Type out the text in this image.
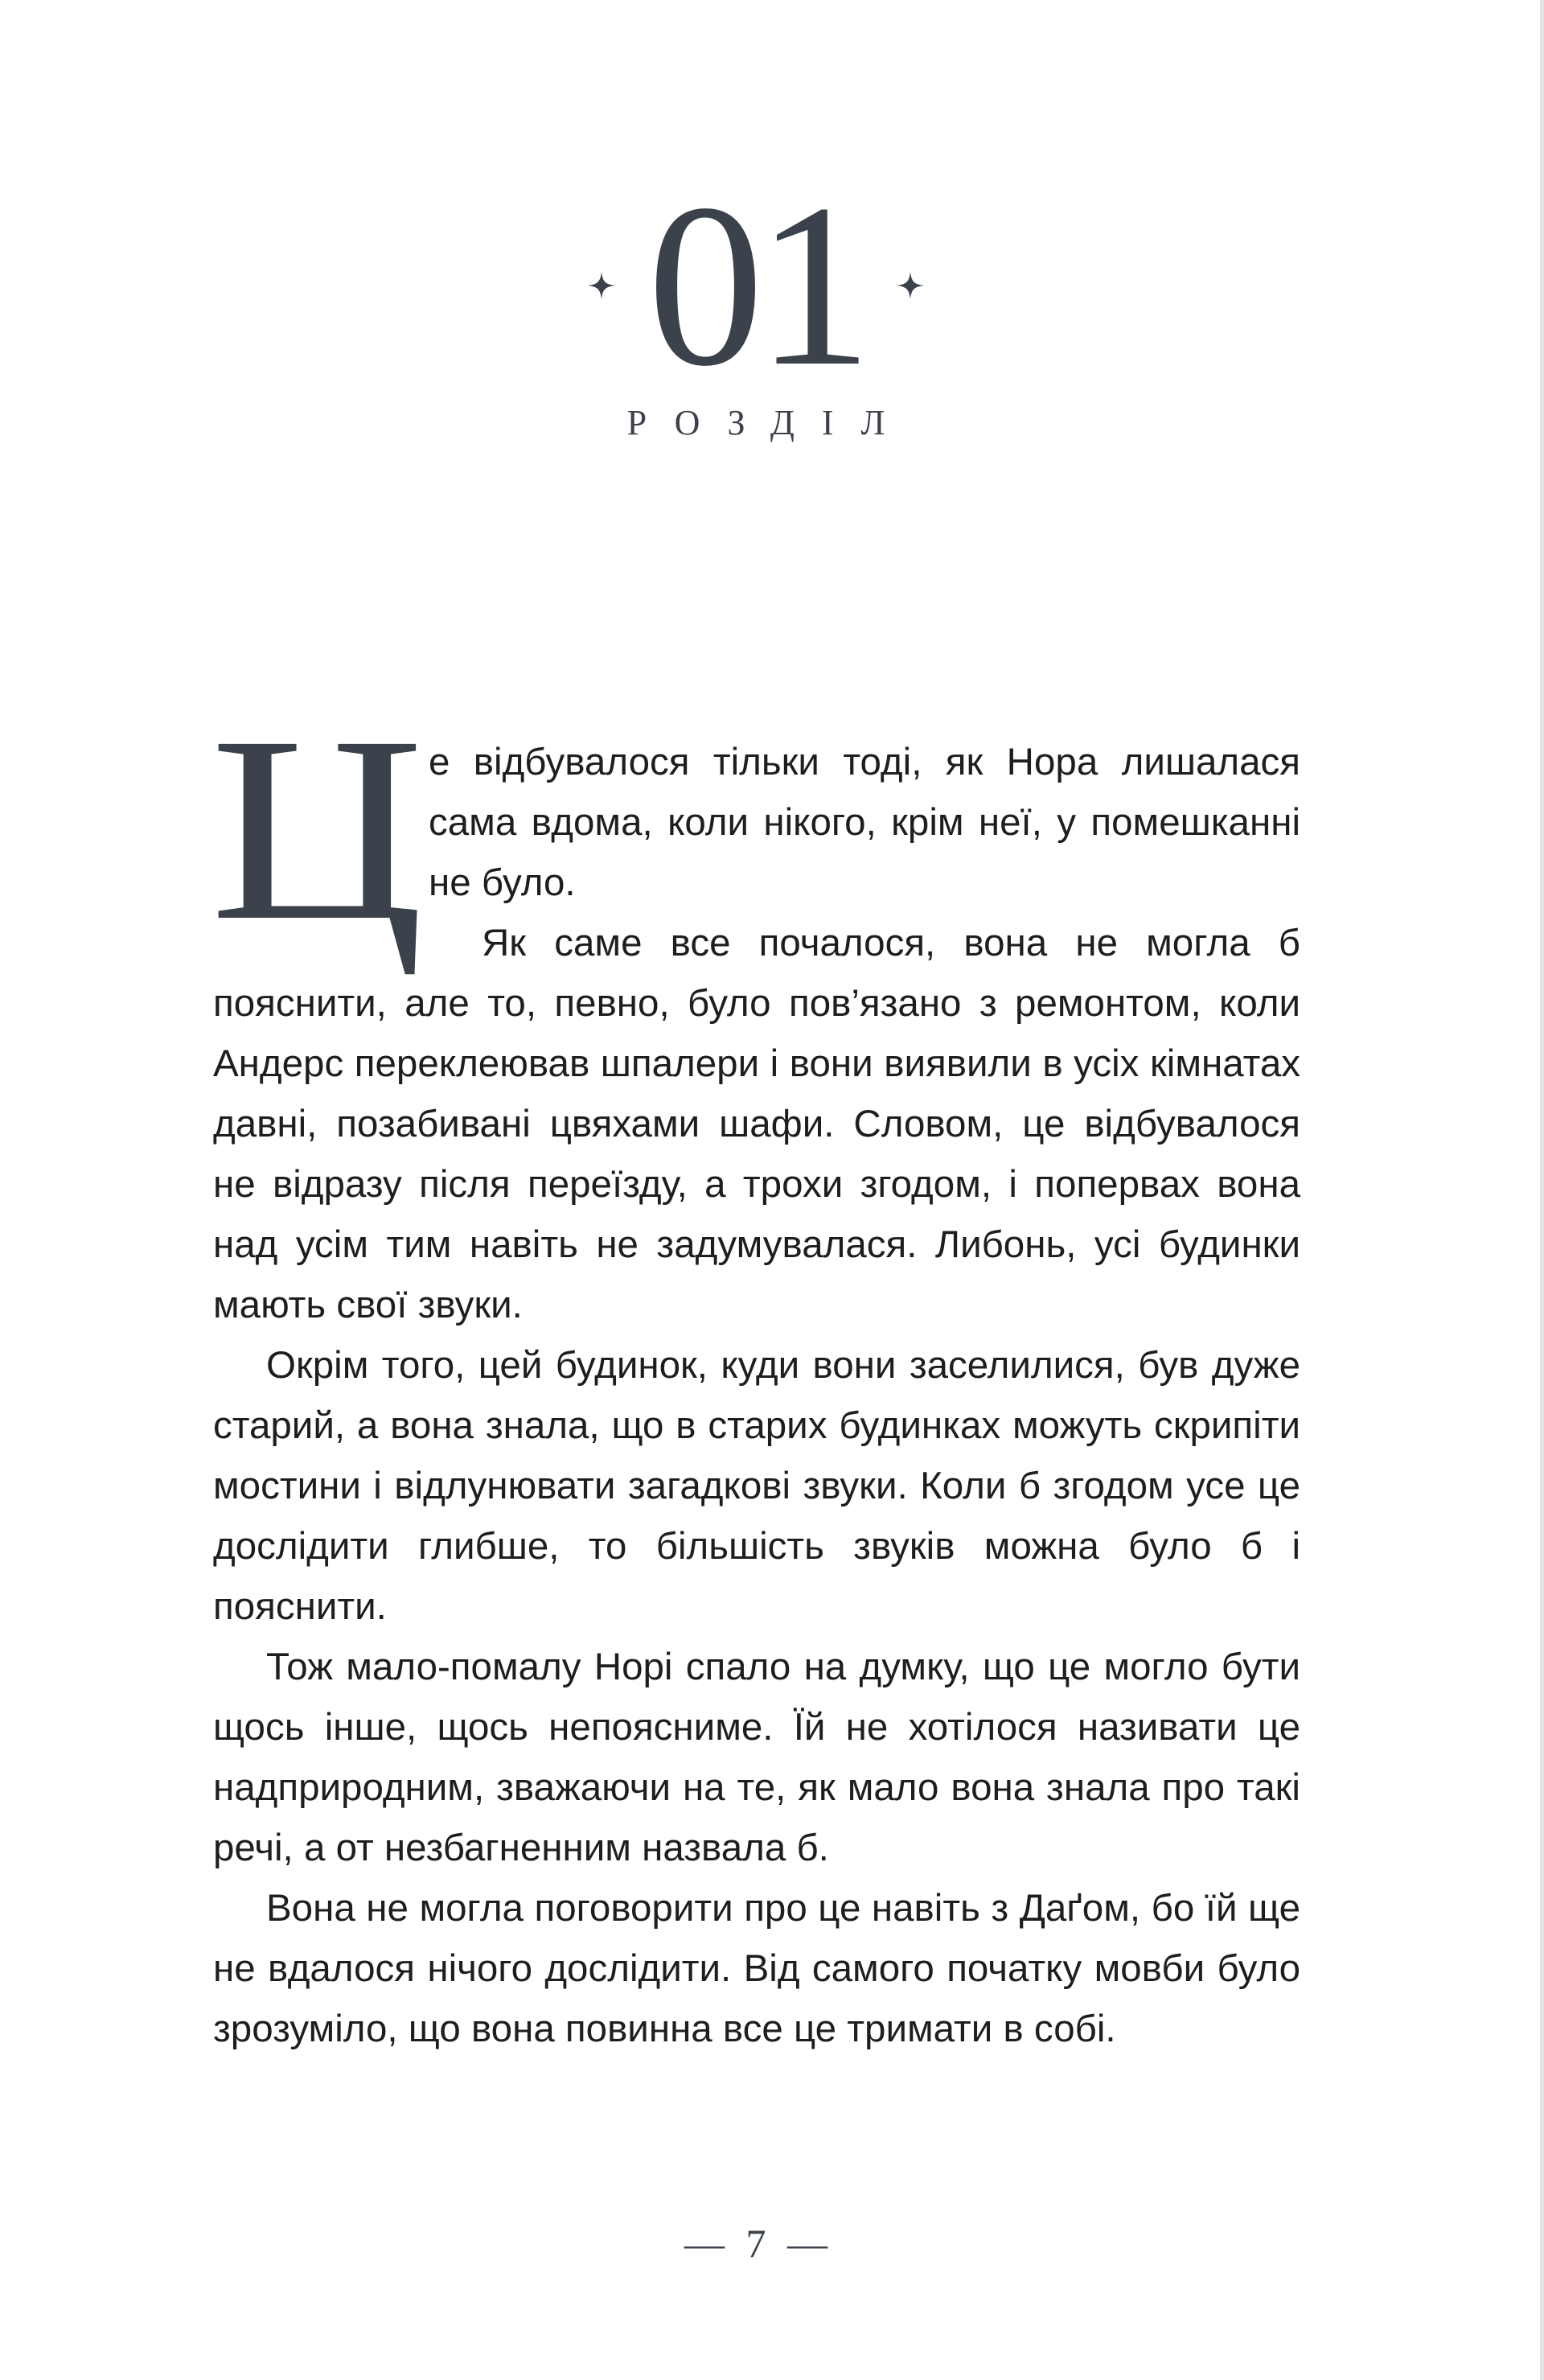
01
РОЗДІЛ
Ц е відбувалося тільки тоді, як Нора лишалася сама вдома, коли нікого, крім неї, у помешканні не було.

Як саме все почалося, вона не могла б пояснити, але то, певно, було пов’язано з ремонтом, коли Андерс переклеював шпалери і вони виявили в усіх кімнатах давні, позабивані цвяхами шафи. Словом, це відбувалося не відразу після переїзду, а трохи згодом, і попервах вона над усім тим навіть не задумувалася. Либонь, усі будинки мають свої звуки.

Окрім того, цей будинок, куди вони заселилися, був дуже старий, а вона знала, що в старих будинках можуть скрипіти мостини і відлунювати загадкові звуки. Коли б згодом усе це дослідити глибше, то більшість звуків можна було б і пояснити.

Тож мало-помалу Норі спало на думку, що це могло бути щось інше, щось непояснимe. Їй не хотілося називати це надприродним, зважаючи на те, як мало вона знала про такі речі, а от незбагненним назвала б.

Вона не могла поговорити про це навіть з Даґом, бо їй ще не вдалося нічого дослідити. Від самого початку мовби було зрозуміло, що вона повинна все це тримати в собі.

— 7 —
